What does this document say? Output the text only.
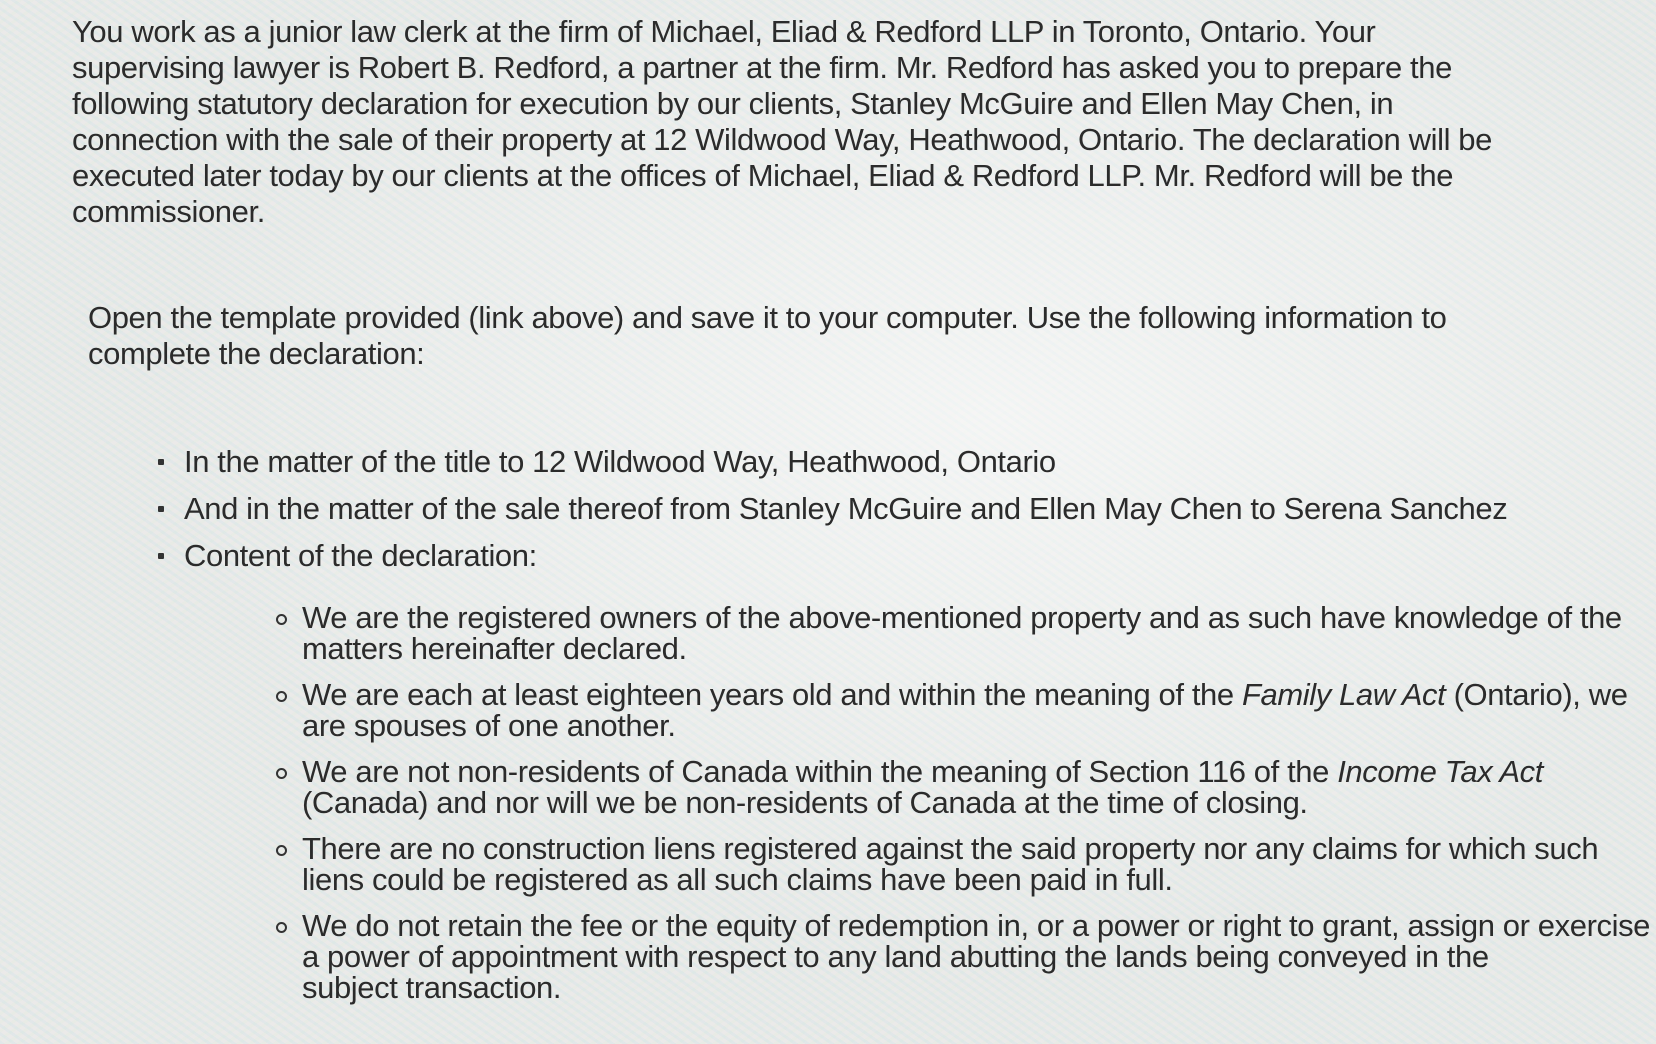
You work as a junior law clerk at the firm of Michael, Eliad & Redford LLP in Toronto, Ontario. Your supervising lawyer is Robert B. Redford, a partner at the firm. Mr. Redford has asked you to prepare the following statutory declaration for execution by our clients, Stanley McGuire and Ellen May Chen, in connection with the sale of their property at 12 Wildwood Way, Heathwood, Ontario. The declaration will be executed later today by our clients at the offices of Michael, Eliad & Redford LLP. Mr. Redford will be the commissioner.

Open the template provided (link above) and save it to your computer. Use the following information to complete the declaration:

In the matter of the title to 12 Wildwood Way, Heathwood, Ontario
And in the matter of the sale thereof from Stanley McGuire and Ellen May Chen to Serena Sanchez
Content of the declaration:
We are the registered owners of the above-mentioned property and as such have knowledge of the matters hereinafter declared.
We are each at least eighteen years old and within the meaning of the Family Law Act (Ontario), we are spouses of one another.
We are not non-residents of Canada within the meaning of Section 116 of the Income Tax Act (Canada) and nor will we be non-residents of Canada at the time of closing.
There are no construction liens registered against the said property nor any claims for which such liens could be registered as all such claims have been paid in full.
We do not retain the fee or the equity of redemption in, or a power or right to grant, assign or exercise a power of appointment with respect to any land abutting the lands being conveyed in the
subject transaction.
